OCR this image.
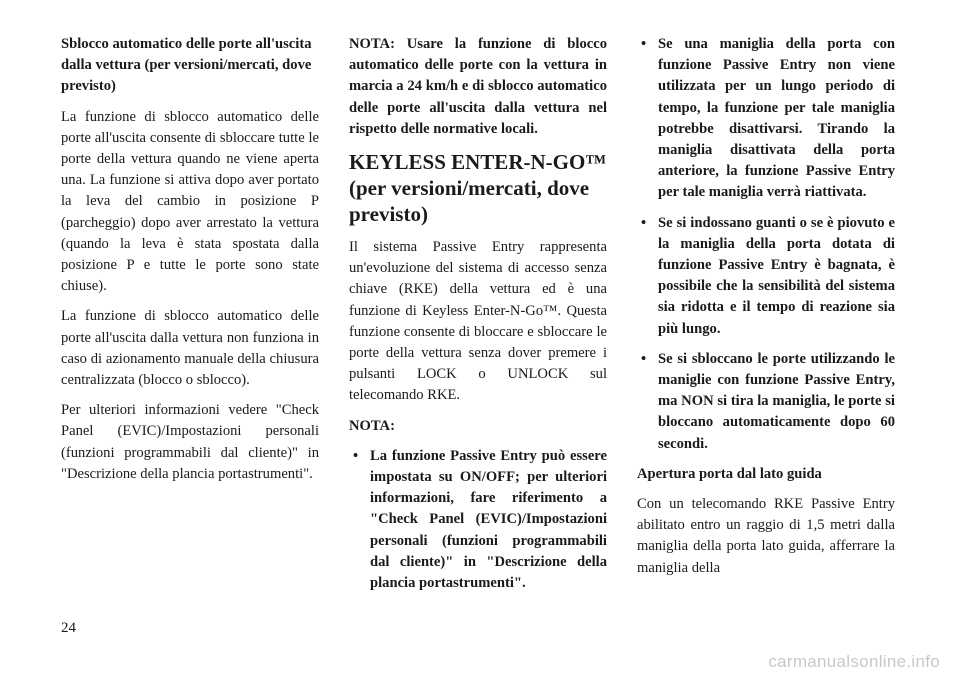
Sblocco automatico delle porte all'uscita dalla vettura (per versioni/mercati, dove previsto)

La funzione di sblocco automatico delle porte all'uscita consente di sbloccare tutte le porte della vettura quando ne viene aperta una. La funzione si attiva dopo aver portato la leva del cambio in posizione P (parcheggio) dopo aver arrestato la vettura (quando la leva è stata spostata dalla posizione P e tutte le porte sono state chiuse).

La funzione di sblocco automatico delle porte all'uscita dalla vettura non funziona in caso di azionamento manuale della chiusura centralizzata (blocco o sblocco).

Per ulteriori informazioni vedere "Check Panel (EVIC)/Impostazioni personali (funzioni programmabili dal cliente)" in "Descrizione della plancia portastrumenti".

NOTA: Usare la funzione di blocco automatico delle porte con la vettura in marcia a 24 km/h e di sblocco automatico delle porte all'uscita dalla vettura nel rispetto delle normative locali.

KEYLESS ENTER-N-GO™ (per versioni/mercati, dove previsto)

Il sistema Passive Entry rappresenta un'evoluzione del sistema di accesso senza chiave (RKE) della vettura ed è una funzione di Keyless Enter-N-Go™. Questa funzione consente di bloccare e sbloccare le porte della vettura senza dover premere i pulsanti LOCK o UNLOCK sul telecomando RKE.

NOTA:

• La funzione Passive Entry può essere impostata su ON/OFF; per ulteriori informazioni, fare riferimento a "Check Panel (EVIC)/Impostazioni personali (funzioni programmabili dal cliente)" in "Descrizione della plancia portastrumenti".
• Se una maniglia della porta con funzione Passive Entry non viene utilizzata per un lungo periodo di tempo, la funzione per tale maniglia potrebbe disattivarsi. Tirando la maniglia disattivata della porta anteriore, la funzione Passive Entry per tale maniglia verrà riattivata.
• Se si indossano guanti o se è piovuto e la maniglia della porta dotata di funzione Passive Entry è bagnata, è possibile che la sensibilità del sistema sia ridotta e il tempo di reazione sia più lungo.
• Se si sbloccano le porte utilizzando le maniglie con funzione Passive Entry, ma NON si tira la maniglia, le porte si bloccano automaticamente dopo 60 secondi.

Apertura porta dal lato guida

Con un telecomando RKE Passive Entry abilitato entro un raggio di 1,5 metri dalla maniglia della porta lato guida, afferrare la maniglia della

24
carmanualsonline.info
